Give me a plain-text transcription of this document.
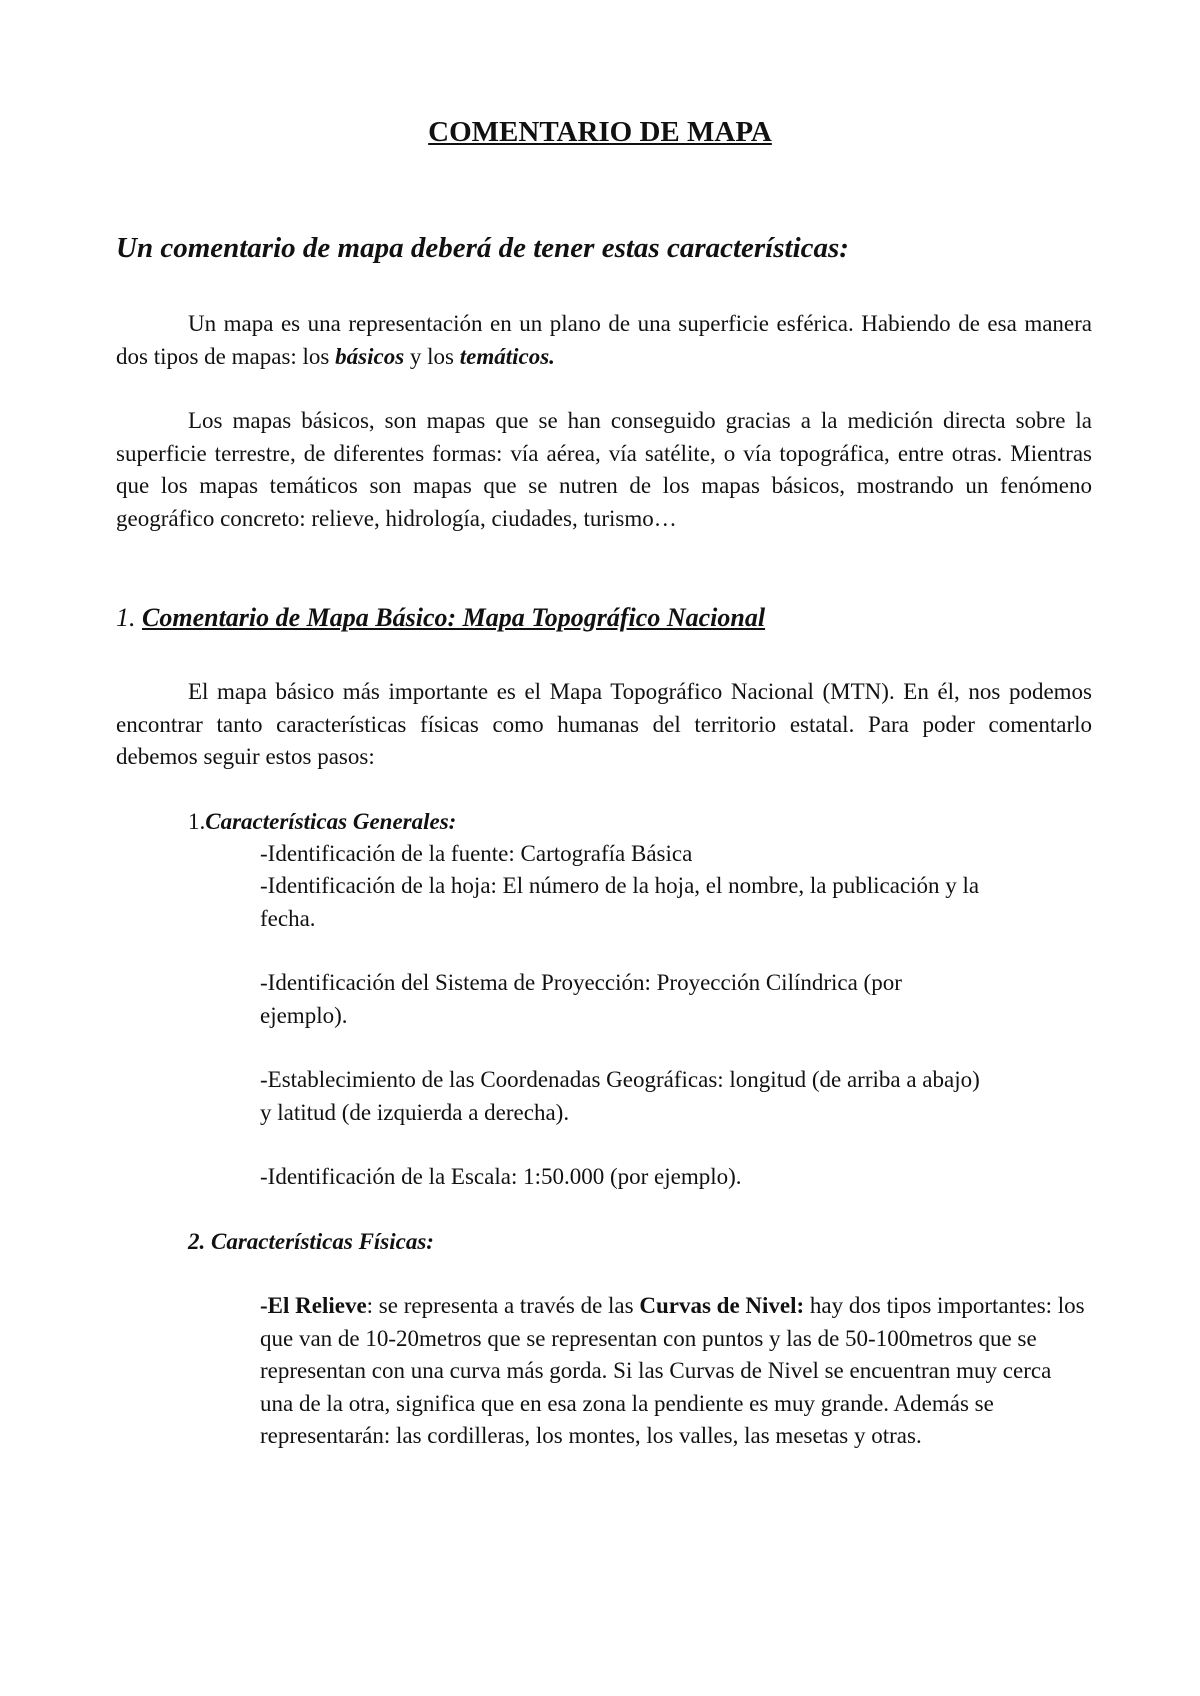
COMENTARIO DE MAPA

Un comentario de mapa deberá de tener estas características:

Un mapa es una representación en un plano de una superficie esférica. Habiendo de esa manera dos tipos de mapas: los básicos y los temáticos.

Los mapas básicos, son mapas que se han conseguido gracias a la medición directa sobre la superficie terrestre, de diferentes formas: vía aérea, vía satélite, o vía topográfica, entre otras. Mientras que los mapas temáticos son mapas que se nutren de los mapas básicos, mostrando un fenómeno geográfico concreto: relieve, hidrología, ciudades, turismo…

1. Comentario de Mapa Básico: Mapa Topográfico Nacional

El mapa básico más importante es el Mapa Topográfico Nacional (MTN). En él, nos podemos encontrar tanto características físicas como humanas del territorio estatal. Para poder comentarlo debemos seguir estos pasos:

1.Características Generales:

-Identificación de la fuente: Cartografía Básica

-Identificación de la hoja: El número de la hoja, el nombre, la publicación y la
fecha.

-Identificación del Sistema de Proyección: Proyección Cilíndrica (por
ejemplo).

-Establecimiento de las Coordenadas Geográficas: longitud (de arriba a abajo)
y latitud (de izquierda a derecha).

-Identificación de la Escala: 1:50.000 (por ejemplo).

2. Características Físicas:

-El Relieve: se representa a través de las Curvas de Nivel: hay dos tipos importantes: los que van de 10-20metros que se representan con puntos y las de 50-100metros que se representan con una curva más gorda. Si las Curvas de Nivel se encuentran muy cerca una de la otra, significa que en esa zona la pendiente es muy grande. Además se representarán: las cordilleras, los montes, los valles, las mesetas y otras.
